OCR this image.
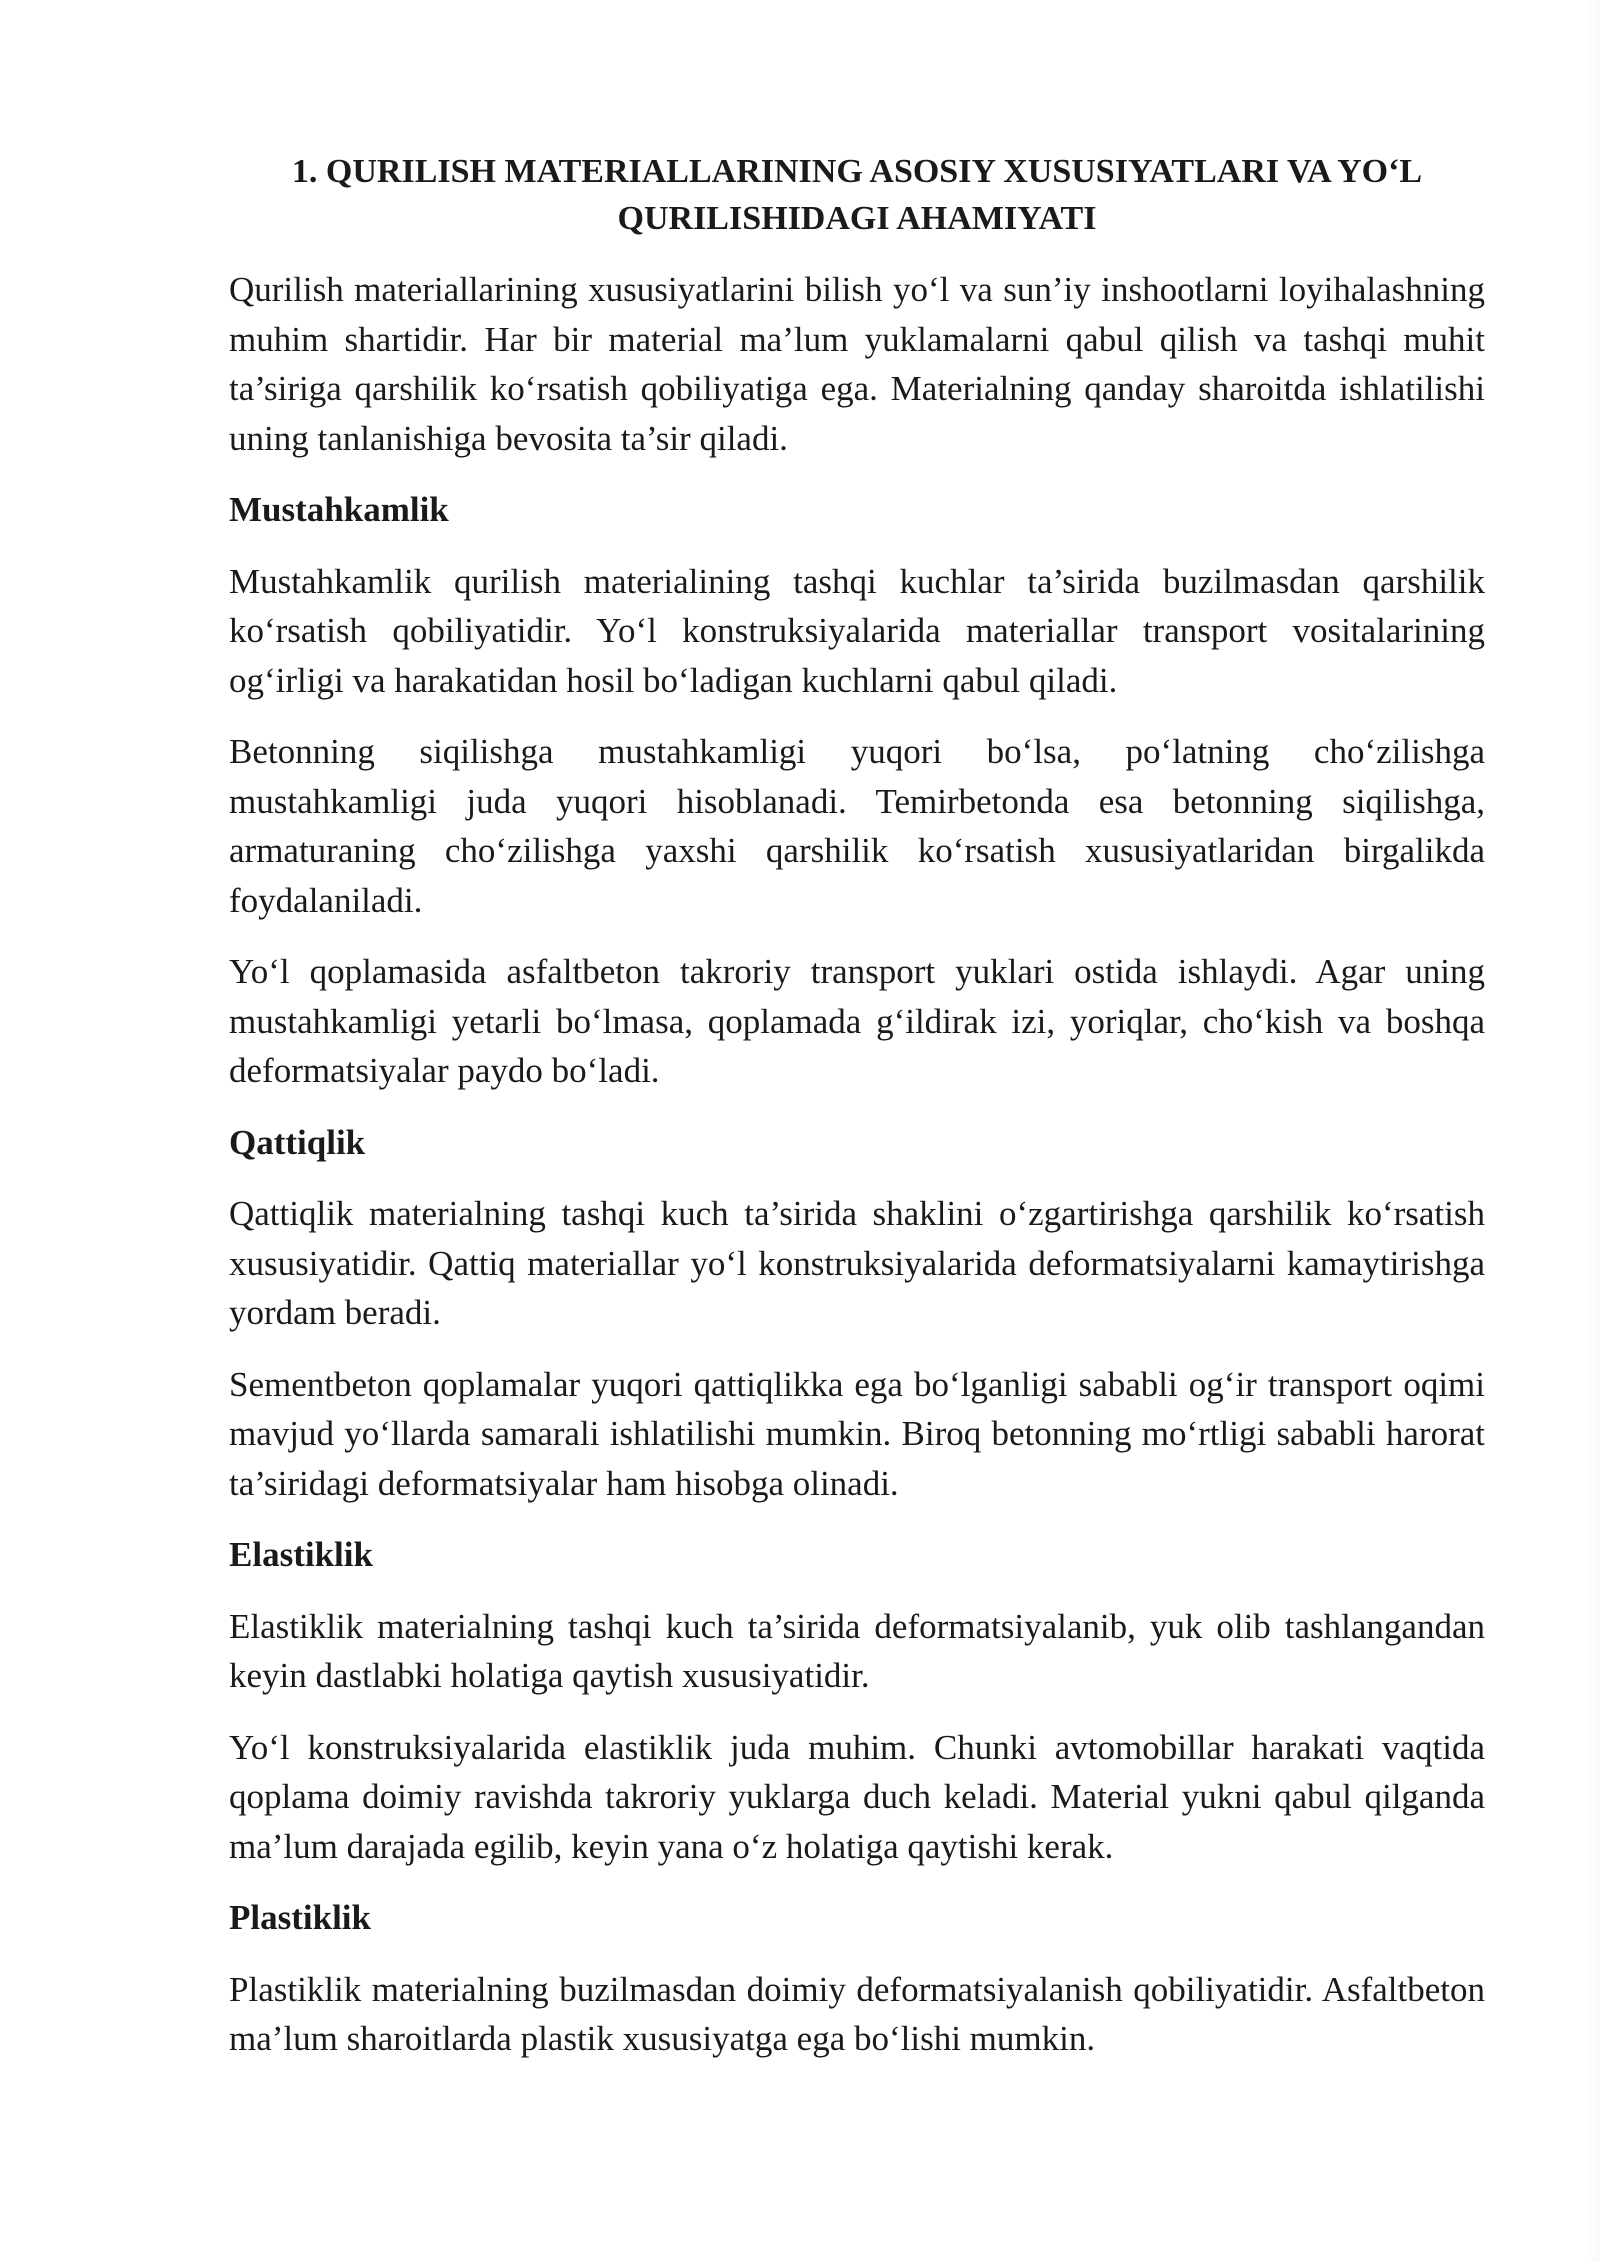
1. QURILISH MATERIALLARINING ASOSIY XUSUSIYATLARI VA YO‘L
QURILISHIDAGI AHAMIYATI

Qurilish materiallarining xususiyatlarini bilish yo‘l va sun’iy inshootlarni loyihalashning muhim shartidir. Har bir material ma’lum yuklamalarni qabul qilish va tashqi muhit ta’siriga qarshilik ko‘rsatish qobiliyatiga ega. Materialning qanday sharoitda ishlatilishi uning tanlanishiga bevosita ta’sir qiladi.

Mustahkamlik

Mustahkamlik qurilish materialining tashqi kuchlar ta’sirida buzilmasdan qarshilik ko‘rsatish qobiliyatidir. Yo‘l konstruksiyalarida materiallar transport vositalarining og‘irligi va harakatidan hosil bo‘ladigan kuchlarni qabul qiladi.

Betonning siqilishga mustahkamligi yuqori bo‘lsa, po‘latning cho‘zilishga mustahkamligi juda yuqori hisoblanadi. Temirbetonda esa betonning siqilishga, armaturaning cho‘zilishga yaxshi qarshilik ko‘rsatish xususiyatlaridan birgalikda foydalaniladi.

Yo‘l qoplamasida asfaltbeton takroriy transport yuklari ostida ishlaydi. Agar uning mustahkamligi yetarli bo‘lmasa, qoplamada g‘ildirak izi, yoriqlar, cho‘kish va boshqa deformatsiyalar paydo bo‘ladi.

Qattiqlik

Qattiqlik materialning tashqi kuch ta’sirida shaklini o‘zgartirishga qarshilik ko‘rsatish xususiyatidir. Qattiq materiallar yo‘l konstruksiyalarida deformatsiyalarni kamaytirishga yordam beradi.

Sementbeton qoplamalar yuqori qattiqlikka ega bo‘lganligi sababli og‘ir transport oqimi mavjud yo‘llarda samarali ishlatilishi mumkin. Biroq betonning mo‘rtligi sababli harorat ta’siridagi deformatsiyalar ham hisobga olinadi.

Elastiklik

Elastiklik materialning tashqi kuch ta’sirida deformatsiyalanib, yuk olib tashlangandan keyin dastlabki holatiga qaytish xususiyatidir.

Yo‘l konstruksiyalarida elastiklik juda muhim. Chunki avtomobillar harakati vaqtida qoplama doimiy ravishda takroriy yuklarga duch keladi. Material yukni qabul qilganda ma’lum darajada egilib, keyin yana o‘z holatiga qaytishi kerak.

Plastiklik

Plastiklik materialning buzilmasdan doimiy deformatsiyalanish qobiliyatidir. Asfaltbeton ma’lum sharoitlarda plastik xususiyatga ega bo‘lishi mumkin.
